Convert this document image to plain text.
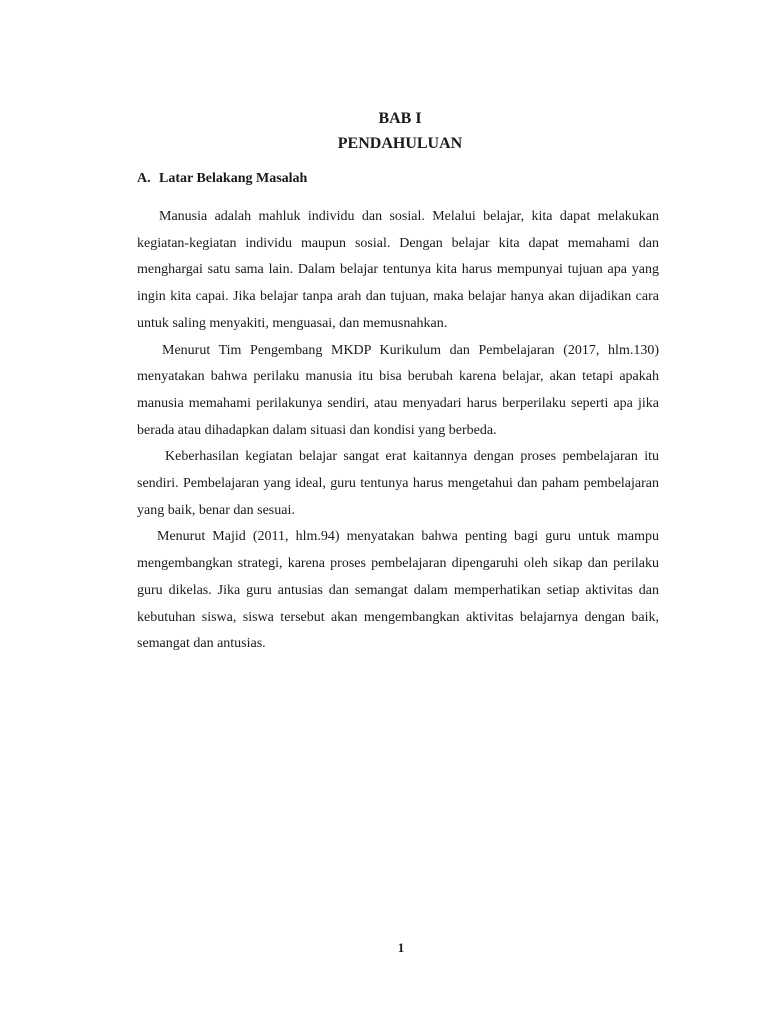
BAB I
PENDAHULUAN
A. Latar Belakang Masalah

Manusia adalah mahluk individu dan sosial. Melalui belajar, kita dapat melakukan kegiatan-kegiatan individu maupun sosial. Dengan belajar kita dapat memahami dan menghargai satu sama lain. Dalam belajar tentunya kita harus mempunyai tujuan apa yang ingin kita capai. Jika belajar tanpa arah dan tujuan, maka belajar hanya akan dijadikan cara untuk saling menyakiti, menguasai, dan memusnahkan.

Menurut Tim Pengembang MKDP Kurikulum dan Pembelajaran (2017, hlm.130) menyatakan bahwa perilaku manusia itu bisa berubah karena belajar, akan tetapi apakah manusia memahami perilakunya sendiri, atau menyadari harus berperilaku seperti apa jika berada atau dihadapkan dalam situasi dan kondisi yang berbeda.

Keberhasilan kegiatan belajar sangat erat kaitannya dengan proses pembelajaran itu sendiri. Pembelajaran yang ideal, guru tentunya harus mengetahui dan paham pembelajaran yang baik, benar dan sesuai.

Menurut Majid (2011, hlm.94) menyatakan bahwa penting bagi guru untuk mampu mengembangkan strategi, karena proses pembelajaran dipengaruhi oleh sikap dan perilaku guru dikelas. Jika guru antusias dan semangat dalam memperhatikan setiap aktivitas dan kebutuhan siswa, siswa tersebut akan mengembangkan aktivitas belajarnya dengan baik, semangat dan antusias.

1
